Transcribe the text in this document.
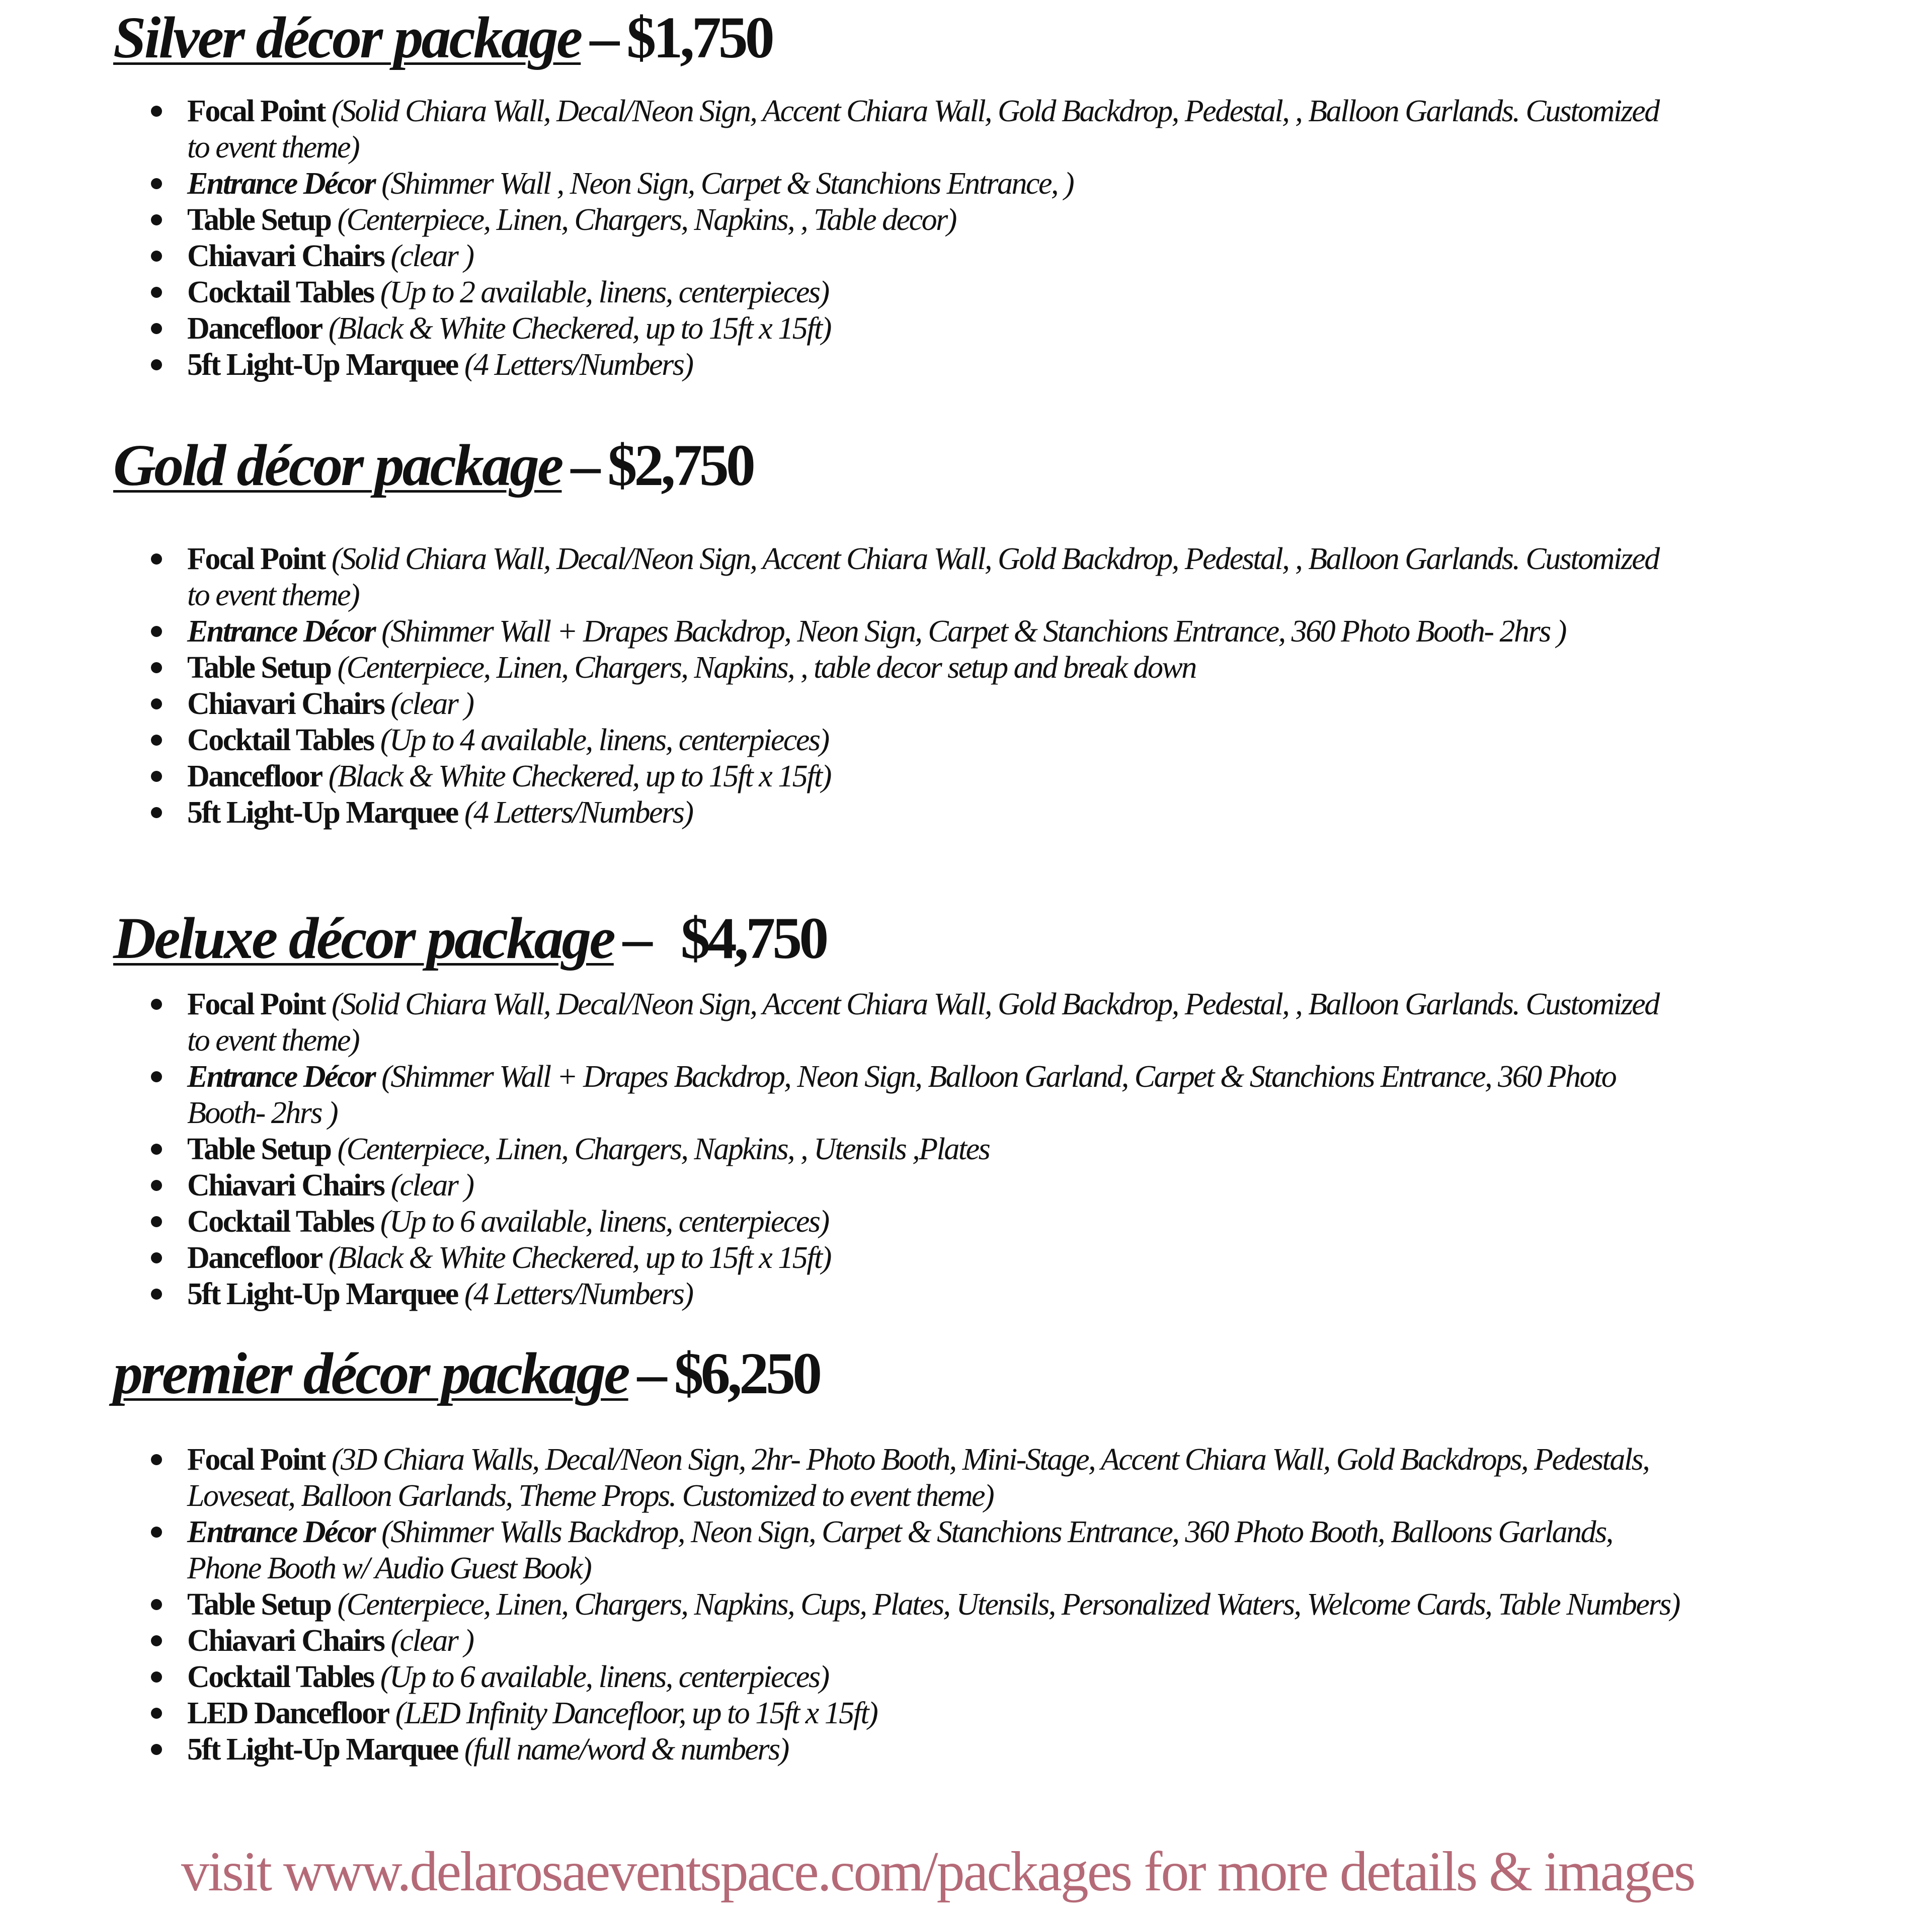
Silver décor package – $1,750
Focal Point (Solid Chiara Wall, Decal/Neon Sign, Accent Chiara Wall, Gold Backdrop, Pedestal, , Balloon Garlands. Customized to event theme)
Entrance Décor (Shimmer Wall , Neon Sign, Carpet & Stanchions Entrance, )
Table Setup (Centerpiece, Linen, Chargers, Napkins, , Table decor)
Chiavari Chairs (clear )
Cocktail Tables (Up to 2 available, linens, centerpieces)
Dancefloor (Black & White Checkered, up to 15ft x 15ft)
5ft Light-Up Marquee (4 Letters/Numbers)
Gold décor package – $2,750
Focal Point (Solid Chiara Wall, Decal/Neon Sign, Accent Chiara Wall, Gold Backdrop, Pedestal, , Balloon Garlands. Customized to event theme)
Entrance Décor (Shimmer Wall + Drapes Backdrop, Neon Sign, Carpet & Stanchions Entrance, 360 Photo Booth- 2hrs )
Table Setup (Centerpiece, Linen, Chargers, Napkins, , table decor setup and break down
Chiavari Chairs (clear )
Cocktail Tables (Up to 4 available, linens, centerpieces)
Dancefloor (Black & White Checkered, up to 15ft x 15ft)
5ft Light-Up Marquee (4 Letters/Numbers)
Deluxe décor package – $4,750
Focal Point (Solid Chiara Wall, Decal/Neon Sign, Accent Chiara Wall, Gold Backdrop, Pedestal, , Balloon Garlands. Customized to event theme)
Entrance Décor (Shimmer Wall + Drapes Backdrop, Neon Sign, Balloon Garland, Carpet & Stanchions Entrance, 360 Photo Booth- 2hrs )
Table Setup (Centerpiece, Linen, Chargers, Napkins, , Utensils ,Plates
Chiavari Chairs (clear )
Cocktail Tables (Up to 6 available, linens, centerpieces)
Dancefloor (Black & White Checkered, up to 15ft x 15ft)
5ft Light-Up Marquee (4 Letters/Numbers)
premier décor package – $6,250
Focal Point (3D Chiara Walls, Decal/Neon Sign, 2hr- Photo Booth, Mini-Stage, Accent Chiara Wall, Gold Backdrops, Pedestals, Loveseat, Balloon Garlands, Theme Props. Customized to event theme)
Entrance Décor (Shimmer Walls Backdrop, Neon Sign, Carpet & Stanchions Entrance, 360 Photo Booth, Balloons Garlands, Phone Booth w/ Audio Guest Book)
Table Setup (Centerpiece, Linen, Chargers, Napkins, Cups, Plates, Utensils, Personalized Waters, Welcome Cards, Table Numbers)
Chiavari Chairs (clear )
Cocktail Tables (Up to 6 available, linens, centerpieces)
LED Dancefloor (LED Infinity Dancefloor, up to 15ft x 15ft)
5ft Light-Up Marquee (full name/word & numbers)
visit www.delarosaeventspace.com/packages for more details & images
